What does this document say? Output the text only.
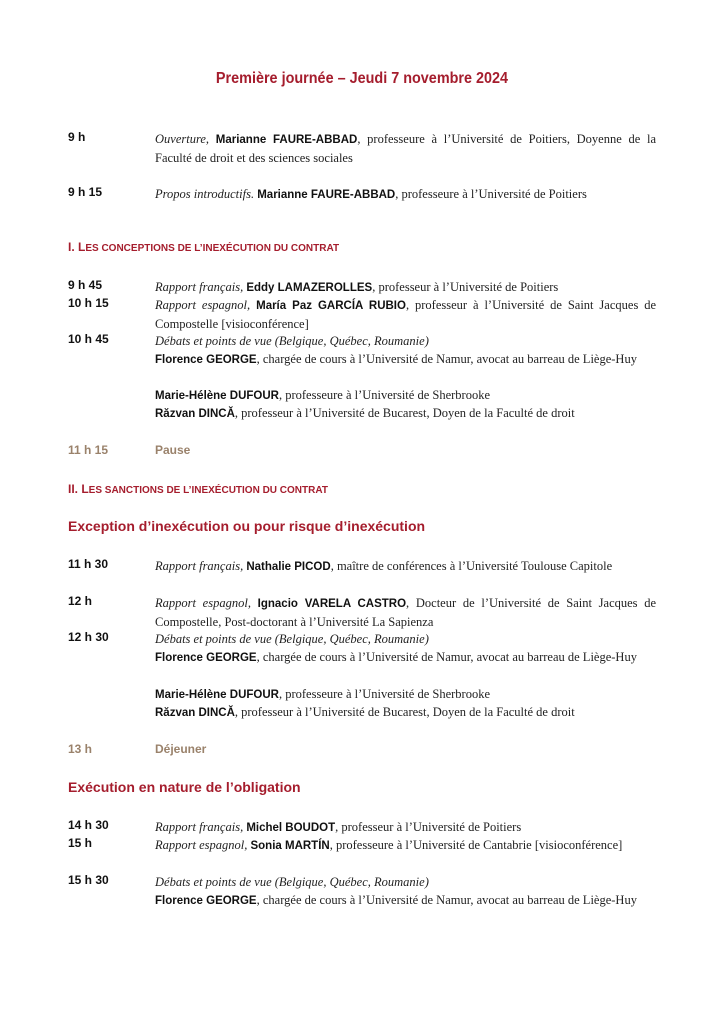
Première journée – Jeudi 7 novembre 2024
9 h	Ouverture, Marianne FAURE-ABBAD, professeure à l’Université de Poitiers, Doyenne de la Faculté de droit et des sciences sociales
9 h 15	Propos introductifs. Marianne FAURE-ABBAD, professeure à l’Université de Poitiers
I. LES CONCEPTIONS DE L’INEXÉCUTION DU CONTRAT
9 h 45	Rapport français, Eddy LAMAZEROLLES, professeur à l’Université de Poitiers
10 h 15	Rapport espagnol, María Paz GARCÍA RUBIO, professeur à l’Université de Saint Jacques de Compostelle [visioconférence]
10 h 45	Débats et points de vue (Belgique, Québec, Roumanie)
Florence GEORGE, chargée de cours à l’Université de Namur, avocat au barreau de Liège-Huy
Marie-Hélène DUFOUR, professeure à l’Université de Sherbrooke
Răzvan DINCĂ, professeur à l’Université de Bucarest, Doyen de la Faculté de droit
11 h 15	Pause
II. LES SANCTIONS DE L’INEXÉCUTION DU CONTRAT
Exception d’inexécution ou pour risque d’inexécution
11 h 30	Rapport français, Nathalie PICOD, maître de conférences à l’Université Toulouse Capitole
12 h	Rapport espagnol, Ignacio VARELA CASTRO, Docteur de l’Université de Saint Jacques de Compostelle, Post-doctorant à l’Université La Sapienza
12 h 30	Débats et points de vue (Belgique, Québec, Roumanie)
Florence GEORGE, chargée de cours à l’Université de Namur, avocat au barreau de Liège-Huy
Marie-Hélène DUFOUR, professeure à l’Université de Sherbrooke
Răzvan DINCĂ, professeur à l’Université de Bucarest, Doyen de la Faculté de droit
13 h	Déjeuner
Exécution en nature de l’obligation
14 h 30	Rapport français, Michel BOUDOT, professeur à l’Université de Poitiers
15 h	Rapport espagnol, Sonia MARTÍN, professeure à l’Université de Cantabrie [visioconférence]
15 h 30	Débats et points de vue (Belgique, Québec, Roumanie)
Florence GEORGE, chargée de cours à l’Université de Namur, avocat au barreau de Liège-Huy
